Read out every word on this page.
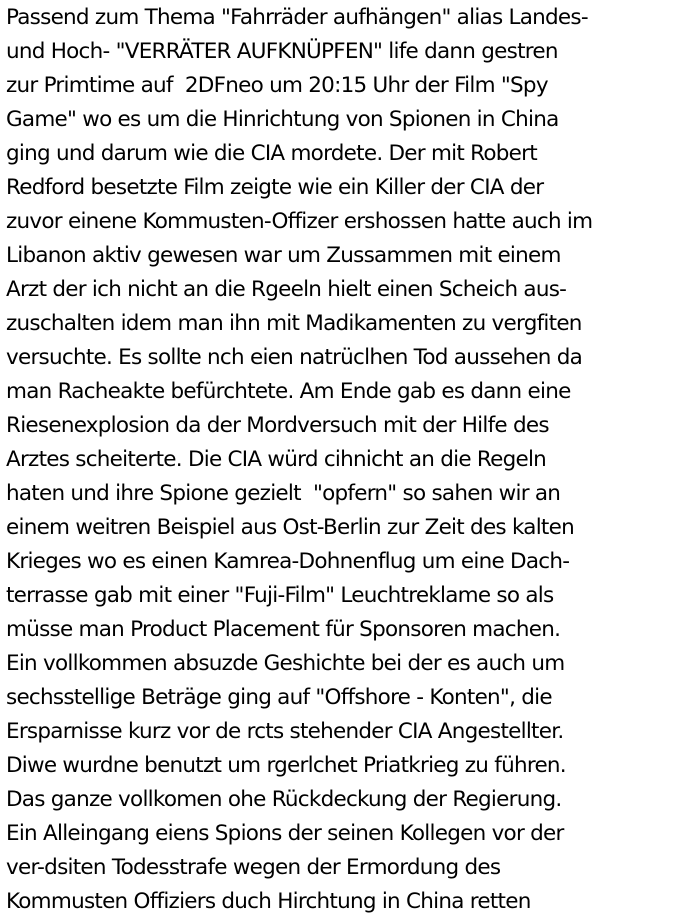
Passend zum Thema "Fahrräder aufhängen" alias Landes-
und Hoch- "VERRÄTER AUFKNÜPFEN" life dann gestren
zur Primtime auf  2DFneo um 20:15 Uhr der Film "Spy
Game" wo es um die Hinrichtung von Spionen in China
ging und darum wie die CIA mordete. Der mit Robert
Redford besetzte Film zeigte wie ein Killer der CIA der
zuvor einene Kommusten-Offizer ershossen hatte auch im
Libanon aktiv gewesen war um Zussammen mit einem
Arzt der ich nicht an die Rgeeln hielt einen Scheich aus-
zuschalten idem man ihn mit Madikamenten zu vergfiten
versuchte. Es sollte nch eien natrüclhen Tod aussehen da
man Racheakte befürchtete. Am Ende gab es dann eine
Riesenexplosion da der Mordversuch mit der Hilfe des
Arztes scheiterte. Die CIA würd cihnicht an die Regeln
haten und ihre Spione gezielt  "opfern" so sahen wir an
einem weitren Beispiel aus Ost-Berlin zur Zeit des kalten
Krieges wo es einen Kamrea-Dohnenflug um eine Dach-
terrasse gab mit einer "Fuji-Film" Leuchtreklame so als
müsse man Product Placement für Sponsoren machen.
Ein vollkommen absuzde Geshichte bei der es auch um
sechsstellige Beträge ging auf "Offshore - Konten", die
Ersparnisse kurz vor de rcts stehender CIA Angestellter.
Diwe wurdne benutzt um rgerlchet Priatkrieg zu führen.
Das ganze vollkomen ohe Rückdeckung der Regierung.
Ein Alleingang eiens Spions der seinen Kollegen vor der
ver-dsiten Todesstrafe wegen der Ermordung des
Kommusten Offiziers duch Hirchtung in China retten
